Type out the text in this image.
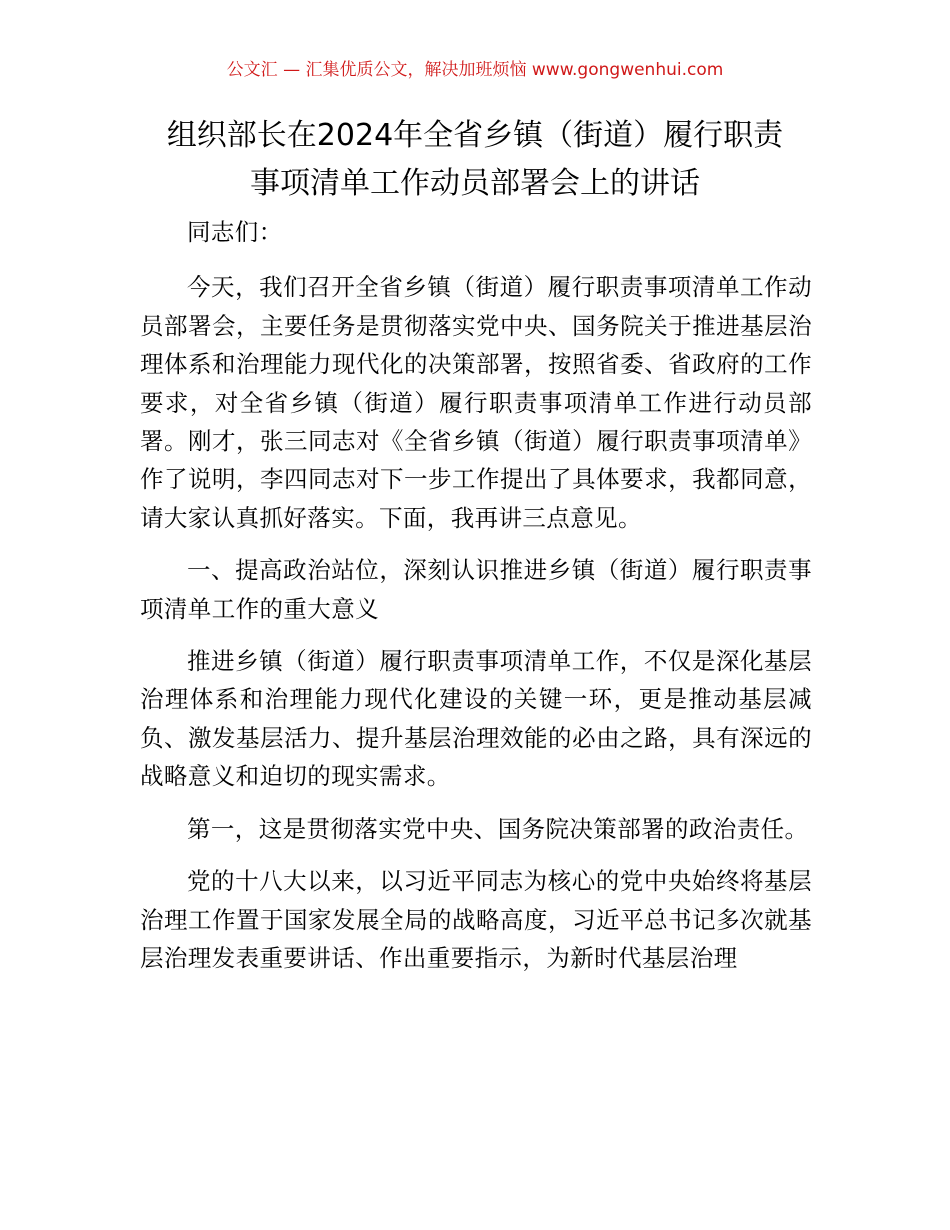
公文汇 — 汇集优质公文，解决加班烦恼 www.gongwenhui.com
组织部长在2024年全省乡镇（街道）履行职责
事项清单工作动员部署会上的讲话

同志们：

今天，我们召开全省乡镇（街道）履行职责事项清单工作动员部署会，主要任务是贯彻落实党中央、国务院关于推进基层治理体系和治理能力现代化的决策部署，按照省委、省政府的工作要求，对全省乡镇（街道）履行职责事项清单工作进行动员部署。刚才，张三同志对《全省乡镇（街道）履行职责事项清单》作了说明，李四同志对下一步工作提出了具体要求，我都同意，请大家认真抓好落实。下面，我再讲三点意见。

一、提高政治站位，深刻认识推进乡镇（街道）履行职责事项清单工作的重大意义

推进乡镇（街道）履行职责事项清单工作，不仅是深化基层治理体系和治理能力现代化建设的关键一环，更是推动基层减负、激发基层活力、提升基层治理效能的必由之路，具有深远的战略意义和迫切的现实需求。

第一，这是贯彻落实党中央、国务院决策部署的政治责任。

党的十八大以来，以习近平同志为核心的党中央始终将基层治理工作置于国家发展全局的战略高度，习近平总书记多次就基层治理发表重要讲话、作出重要指示，为新时代基层治理
